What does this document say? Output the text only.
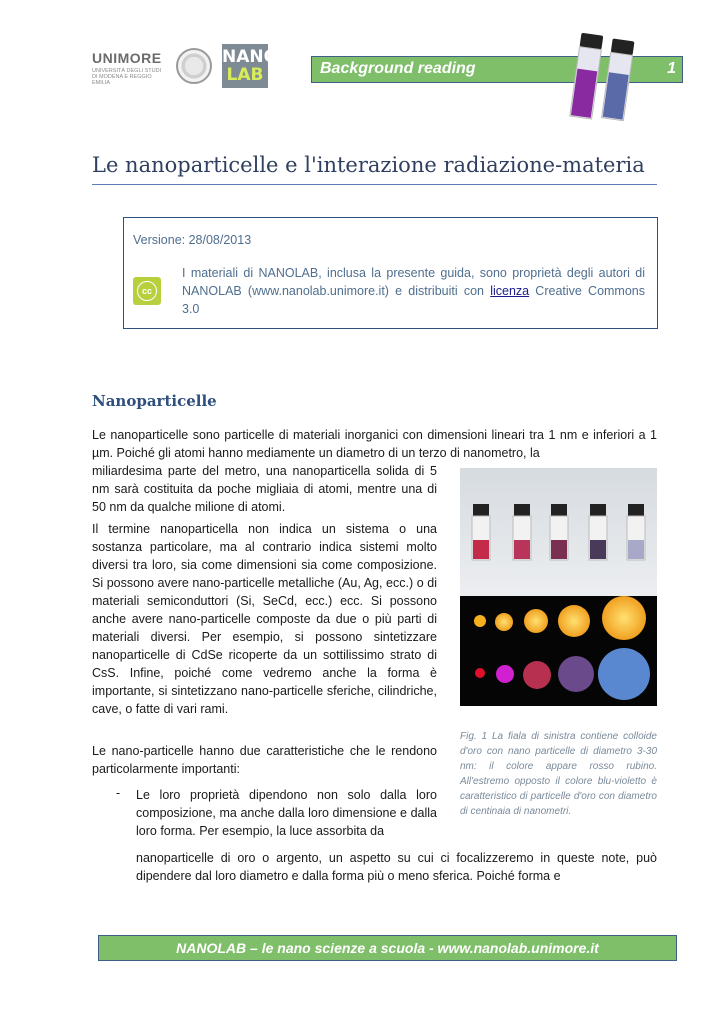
UNIMORE
UNIVERSITÀ DEGLI STUDI DI MODENA E REGGIO EMILIA
NANO
LAB	Background reading	1
Le nanoparticelle e l'interazione radiazione-materia
Versione: 28/08/2013
cc
I materiali di NANOLAB, inclusa la presente guida, sono proprietà degli autori di NANOLAB (www.nanolab.unimore.it) e distribuiti con licenza Creative Commons 3.0
Nanoparticelle
Le nanoparticelle sono particelle di materiali inorganici con dimensioni lineari tra 1 nm e inferiori a 1 µm. Poiché gli atomi hanno mediamente un diametro di un terzo di nanometro, la
miliardesima parte del metro, una nanoparticella solida di 5 nm sarà costituita da poche migliaia di atomi, mentre una di 50 nm da qualche milione di atomi.
Il termine nanoparticella non indica un sistema o una sostanza particolare, ma al contrario indica sistemi molto diversi tra loro, sia come dimensioni sia come composizione. Si possono avere nano-particelle metalliche (Au, Ag, ecc.) o di materiali semiconduttori (Si, SeCd, ecc.) ecc. Si possono anche avere nano-particelle composte da due o più parti di materiali diversi. Per esempio, si possono sintetizzare nanoparticelle di CdSe ricoperte da un sottilissimo strato di CsS. Infine, poiché come vedremo anche la forma è importante, si sintetizzano nano-particelle sferiche, cilindriche, cave, o fatte di vari rami.
Le nano-particelle hanno due caratteristiche che le rendono particolarmente importanti:
- Le loro proprietà dipendono non solo dalla loro composizione, ma anche dalla loro dimensione e dalla loro forma. Per esempio, la luce assorbita da
nanoparticelle di oro o argento, un aspetto su cui ci focalizzeremo in queste note, può dipendere dal loro diametro e dalla forma più o meno sferica. Poiché forma e
Fig. 1 La fiala di sinistra contiene colloide d'oro con nano particelle di diametro 3-30 nm: il colore appare rosso rubino. All'estremo opposto il colore blu-violetto è caratteristico di particelle d'oro con diametro di centinaia di nanometri.
NANOLAB – le nano scienze a scuola - www.nanolab.unimore.it
